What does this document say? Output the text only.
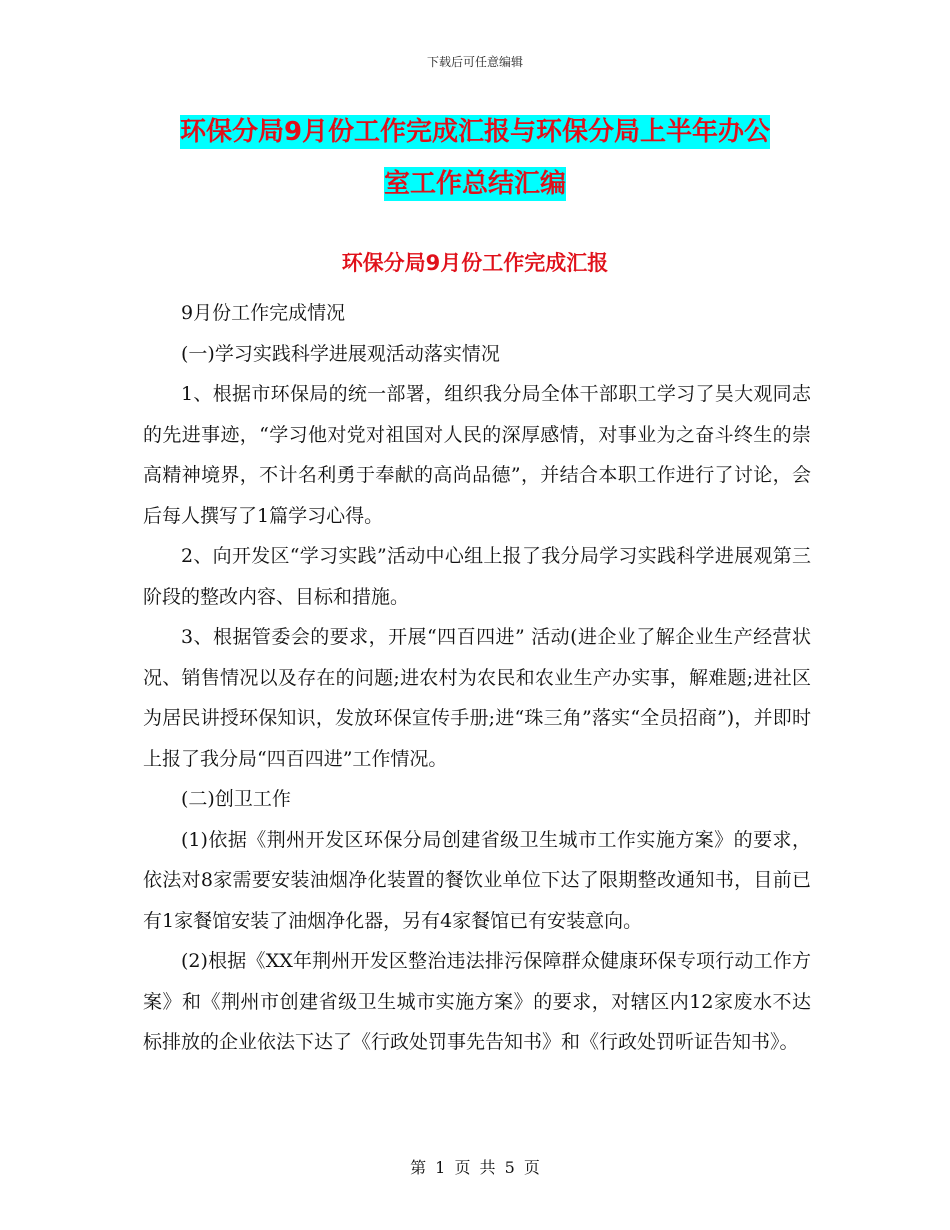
下载后可任意编辑
环保分局9月份工作完成汇报与环保分局上半年办公
室工作总结汇编
环保分局9月份工作完成汇报

9月份工作完成情况

(一)学习实践科学进展观活动落实情况

1、根据市环保局的统一部署，组织我分局全体干部职工学习了吴大观同志的先进事迹，“学习他对党对祖国对人民的深厚感情，对事业为之奋斗终生的崇高精神境界，不计名利勇于奉献的高尚品德”，并结合本职工作进行了讨论，会后每人撰写了1篇学习心得。

2、向开发区“学习实践”活动中心组上报了我分局学习实践科学进展观第三阶段的整改内容、目标和措施。

3、根据管委会的要求，开展“四百四进” 活动(进企业了解企业生产经营状况、销售情况以及存在的问题;进农村为农民和农业生产办实事，解难题;进社区为居民讲授环保知识，发放环保宣传手册;进“珠三角”落实“全员招商”)，并即时上报了我分局“四百四进”工作情况。

(二)创卫工作

(1)依据《荆州开发区环保分局创建省级卫生城市工作实施方案》的要求，依法对8家需要安装油烟净化装置的餐饮业单位下达了限期整改通知书，目前已有1家餐馆安装了油烟净化器，另有4家餐馆已有安装意向。

(2)根据《XX年荆州开发区整治违法排污保障群众健康环保专项行动工作方案》和《荆州市创建省级卫生城市实施方案》的要求，对辖区内12家废水不达标排放的企业依法下达了《行政处罚事先告知书》和《行政处罚听证告知书》。

第 1 页 共 5 页
